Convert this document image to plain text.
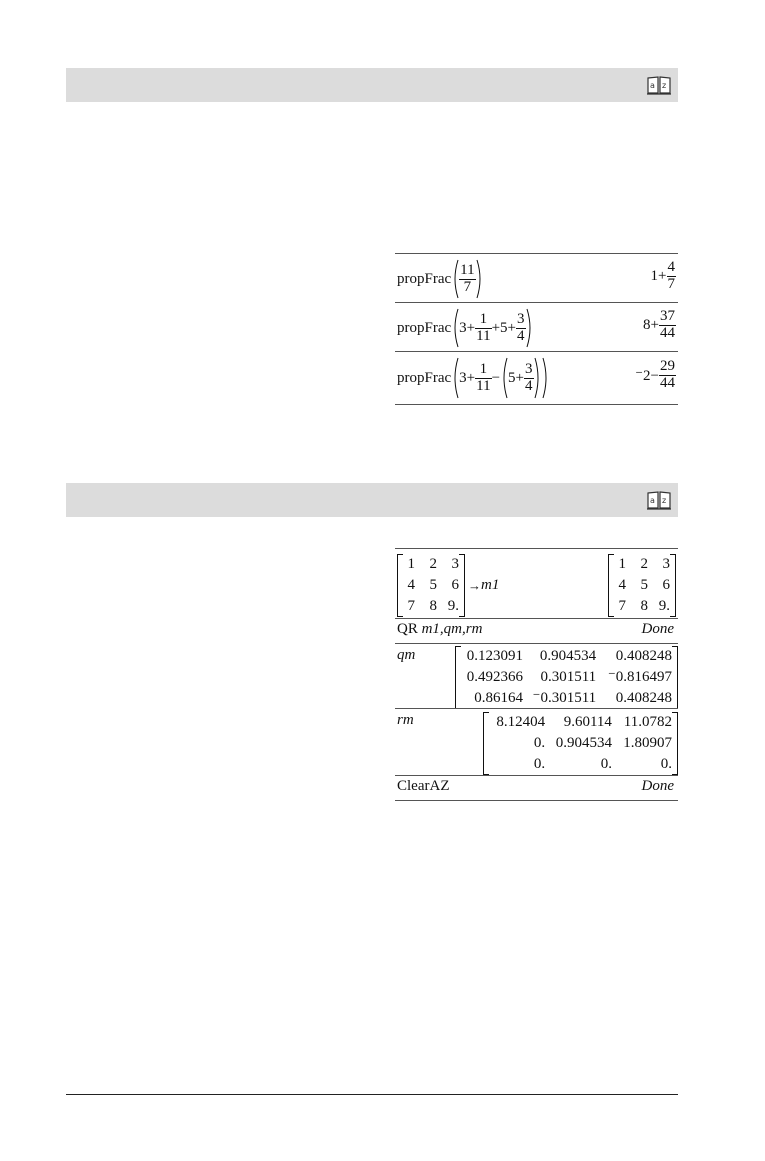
a z
propFrac $\frac{11}{7}$	$1+ \frac{4}{7}$
propFrac $3+ \frac{1}{11} +5+ \frac{3}{4}$	$8+ \frac{37}{44}$
propFrac $3+ \frac{1}{11} - 5+ \frac{3}{4}$	$^-2- \frac{29}{44}$
a z
1	2	3
4	5	6
7	8	9.
→ m1
1	2	3
4	5	6
7	8	9.
QR m1,qm,rm	Done
qm	0.123091	0.904534	0.408248
0.492366	0.301511	⁻0.816497
0.86164	⁻0.301511	0.408248
rm	8.12404	9.60114	11.0782
0.	0.904534	1.80907
0.	0.	0.
ClearAZ	Done
